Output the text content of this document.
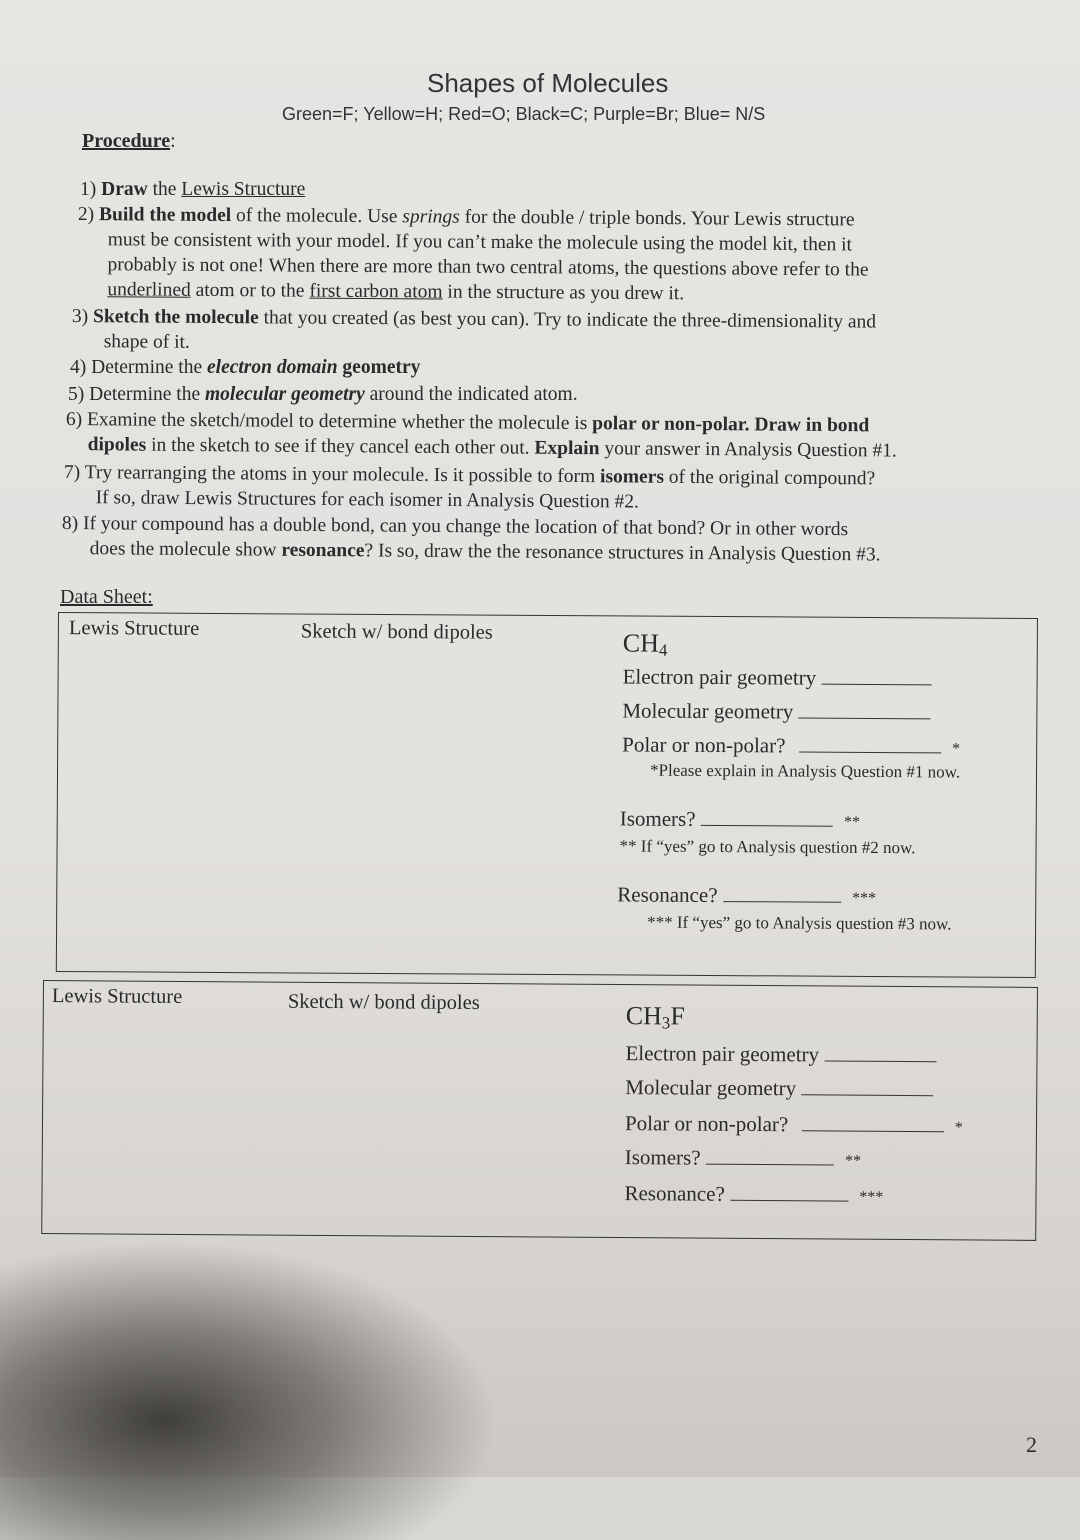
Shapes of Molecules
Green=F; Yellow=H; Red=O; Black=C; Purple=Br; Blue= N/S
Procedure:
1) Draw the Lewis Structure
2) Build the model of the molecule. Use springs for the double / triple bonds. Your Lewis structure
must be consistent with your model. If you can’t make the molecule using the model kit, then it
probably is not one! When there are more than two central atoms, the questions above refer to the
underlined atom or to the first carbon atom in the structure as you drew it.
3) Sketch the molecule that you created (as best you can). Try to indicate the three-dimensionality and
shape of it.
4) Determine the electron domain geometry
5) Determine the molecular geometry around the indicated atom.
6) Examine the sketch/model to determine whether the molecule is polar or non-polar. Draw in bond
dipoles in the sketch to see if they cancel each other out. Explain your answer in Analysis Question #1.
7) Try rearranging the atoms in your molecule. Is it possible to form isomers of the original compound?
If so, draw Lewis Structures for each isomer in Analysis Question #2.
8) If your compound has a double bond, can you change the location of that bond? Or in other words
does the molecule show resonance? Is so, draw the the resonance structures in Analysis Question #3.
Data Sheet:
Lewis Structure	Sketch w/ bond dipoles	$CH_4$
Electron pair geometry
Molecular geometry
Polar or non-polar?	*
*Please explain in Analysis Question #1 now.
Isomers?	**
** If “yes” go to Analysis question #2 now.
Resonance?	***
*** If “yes” go to Analysis question #3 now.
Lewis Structure	Sketch w/ bond dipoles	$CH_3F$
Electron pair geometry
Molecular geometry
Polar or non-polar?	*
Isomers?	**
Resonance?	***
2
